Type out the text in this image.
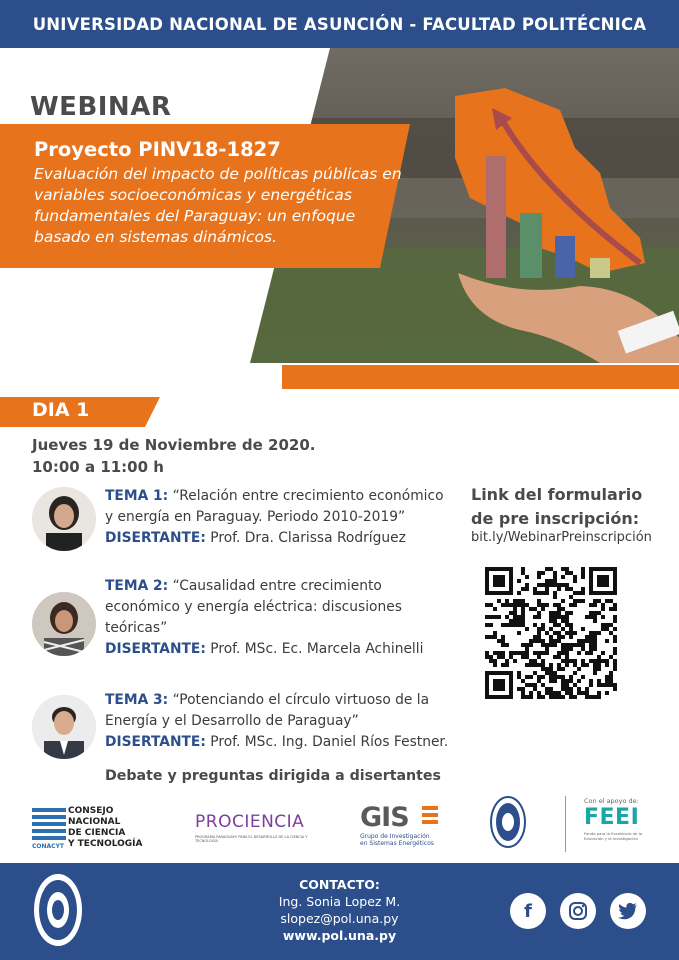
UNIVERSIDAD NACIONAL DE ASUNCIÓN - FACULTAD POLITÉCNICA
WEBINAR
Proyecto PINV18-1827
Evaluación del impacto de políticas públicas en variables socioeconómicas y energéticas fundamentales del Paraguay: un enfoque basado en sistemas dinámicos.
DIA 1
Jueves 19 de Noviembre de 2020.
10:00 a 11:00 h
TEMA 1: “Relación entre crecimiento económico y energía en Paraguay. Periodo 2010-2019”
DISERTANTE: Prof. Dra. Clarissa Rodríguez
TEMA 2: “Causalidad entre crecimiento económico y energía eléctrica: discusiones teóricas”
DISERTANTE: Prof. MSc. Ec. Marcela Achinelli
TEMA 3: “Potenciando el círculo virtuoso de la Energía y el Desarrollo de Paraguay”
DISERTANTE: Prof. MSc. Ing. Daniel Ríos Festner.
Debate y preguntas dirigida a disertantes
Link del formulario
de pre inscripción:
bit.ly/WebinarPreinscripción
CONSEJO NACIONAL
DE CIENCIA
Y TECNOLOGÍA
CONACYT
PROCIENCIA
PROGRAMA PARAGUAYO PARA EL DESARROLLO DE LA CIENCIA Y TECNOLOGÍA
GIS
Grupo de Investigación
en Sistemas Energéticos
Con el apoyo de:
FEEI
Fondo para la Excelencia de la Educación y la Investigación
CONTACTO:
Ing. Sonia Lopez M.
slopez@pol.una.py
www.pol.una.py
f
